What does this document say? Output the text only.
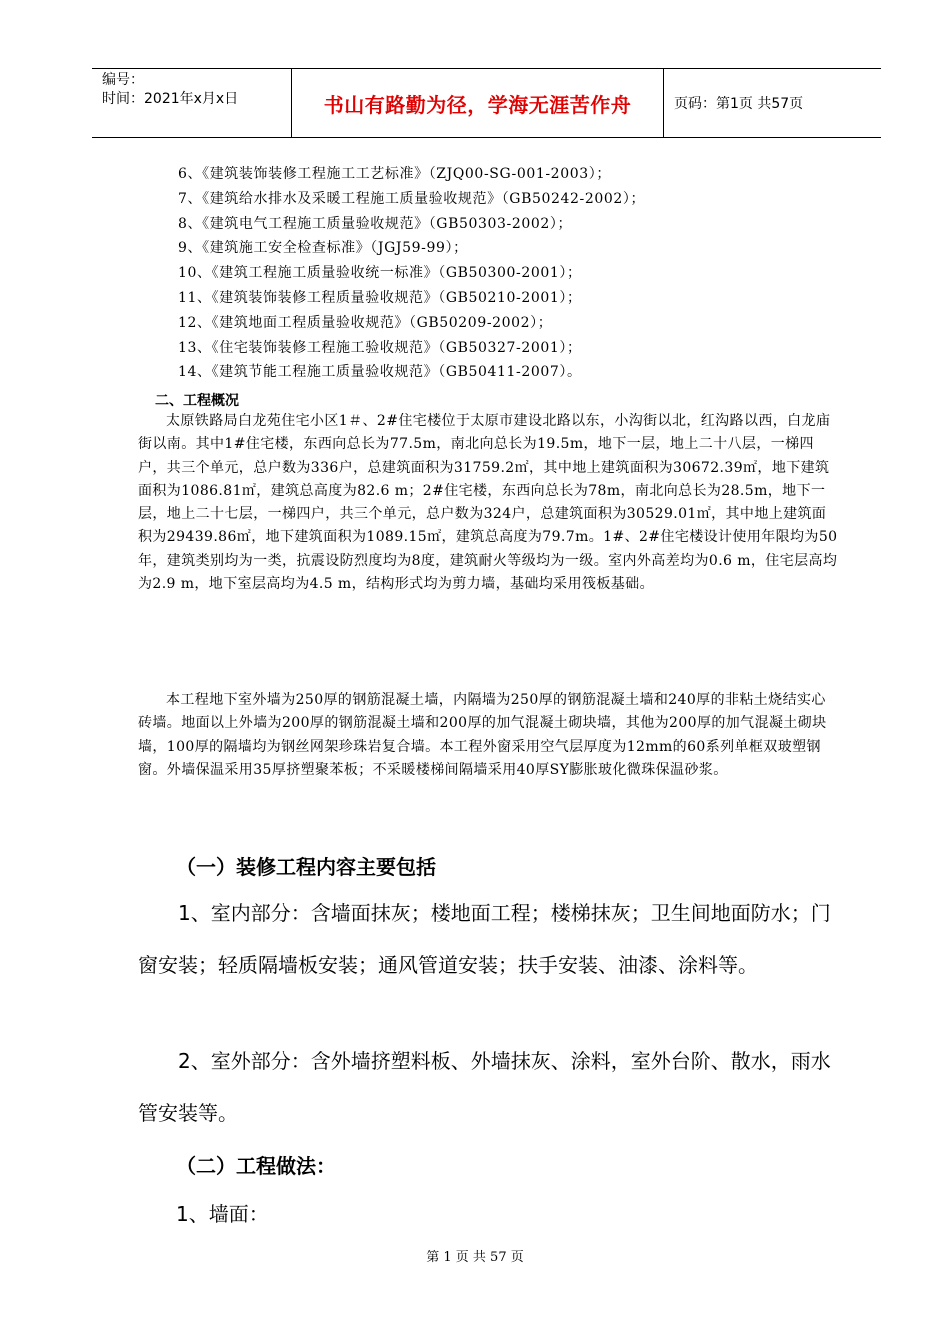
编号：
时间：2021年x月x日	书山有路勤为径，学海无涯苦作舟	页码：第1页 共57页
6、《建筑装饰装修工程施工工艺标准》（ZJQ00-SG-001-2003）；
7、《建筑给水排水及采暖工程施工质量验收规范》（GB50242-2002）；
8、《建筑电气工程施工质量验收规范》（GB50303-2002）；
9、《建筑施工安全检查标准》（JGJ59-99）；
10、《建筑工程施工质量验收统一标准》（GB50300-2001）；
11、《建筑装饰装修工程质量验收规范》（GB50210-2001）；
12、《建筑地面工程质量验收规范》（GB50209-2002）；
13、《住宅装饰装修工程施工验收规范》（GB50327-2001）；
14、《建筑节能工程施工质量验收规范》（GB50411-2007）。
二、工程概况

太原铁路局白龙苑住宅小区1＃、2#住宅楼位于太原市建设北路以东，小沟街以北，红沟路以西，白龙庙街以南。其中1#住宅楼，东西向总长为77.5m，南北向总长为19.5m，地下一层，地上二十八层，一梯四户，共三个单元，总户数为336户，总建筑面积为31759.2㎡，其中地上建筑面积为30672.39㎡，地下建筑面积为1086.81㎡，建筑总高度为82.6 m；2#住宅楼，东西向总长为78m，南北向总长为28.5m，地下一层，地上二十七层，一梯四户，共三个单元，总户数为324户，总建筑面积为30529.01㎡，其中地上建筑面积为29439.86㎡，地下建筑面积为1089.15㎡，建筑总高度为79.7m。1#、2#住宅楼设计使用年限均为50年，建筑类别均为一类，抗震设防烈度均为8度，建筑耐火等级均为一级。室内外高差均为0.6 m，住宅层高均为2.9 m，地下室层高均为4.5 m，结构形式均为剪力墙，基础均采用筏板基础。

本工程地下室外墙为250厚的钢筋混凝土墙，内隔墙为250厚的钢筋混凝土墙和240厚的非粘土烧结实心砖墙。地面以上外墙为200厚的钢筋混凝土墙和200厚的加气混凝土砌块墙，其他为200厚的加气混凝土砌块墙，100厚的隔墙均为钢丝网架珍珠岩复合墙。本工程外窗采用空气层厚度为12mm的60系列单框双玻塑钢窗。外墙保温采用35厚挤塑聚苯板；不采暖楼梯间隔墙采用40厚SY膨胀玻化微珠保温砂浆。

（一）装修工程内容主要包括

1、室内部分：含墙面抹灰；楼地面工程；楼梯抹灰；卫生间地面防水；门窗安装；轻质隔墙板安装；通风管道安装；扶手安装、油漆、涂料等。

2、室外部分：含外墙挤塑料板、外墙抹灰、涂料，室外台阶、散水，雨水管安装等。

（二）工程做法：
1、墙面：
第 1 页 共 57 页
